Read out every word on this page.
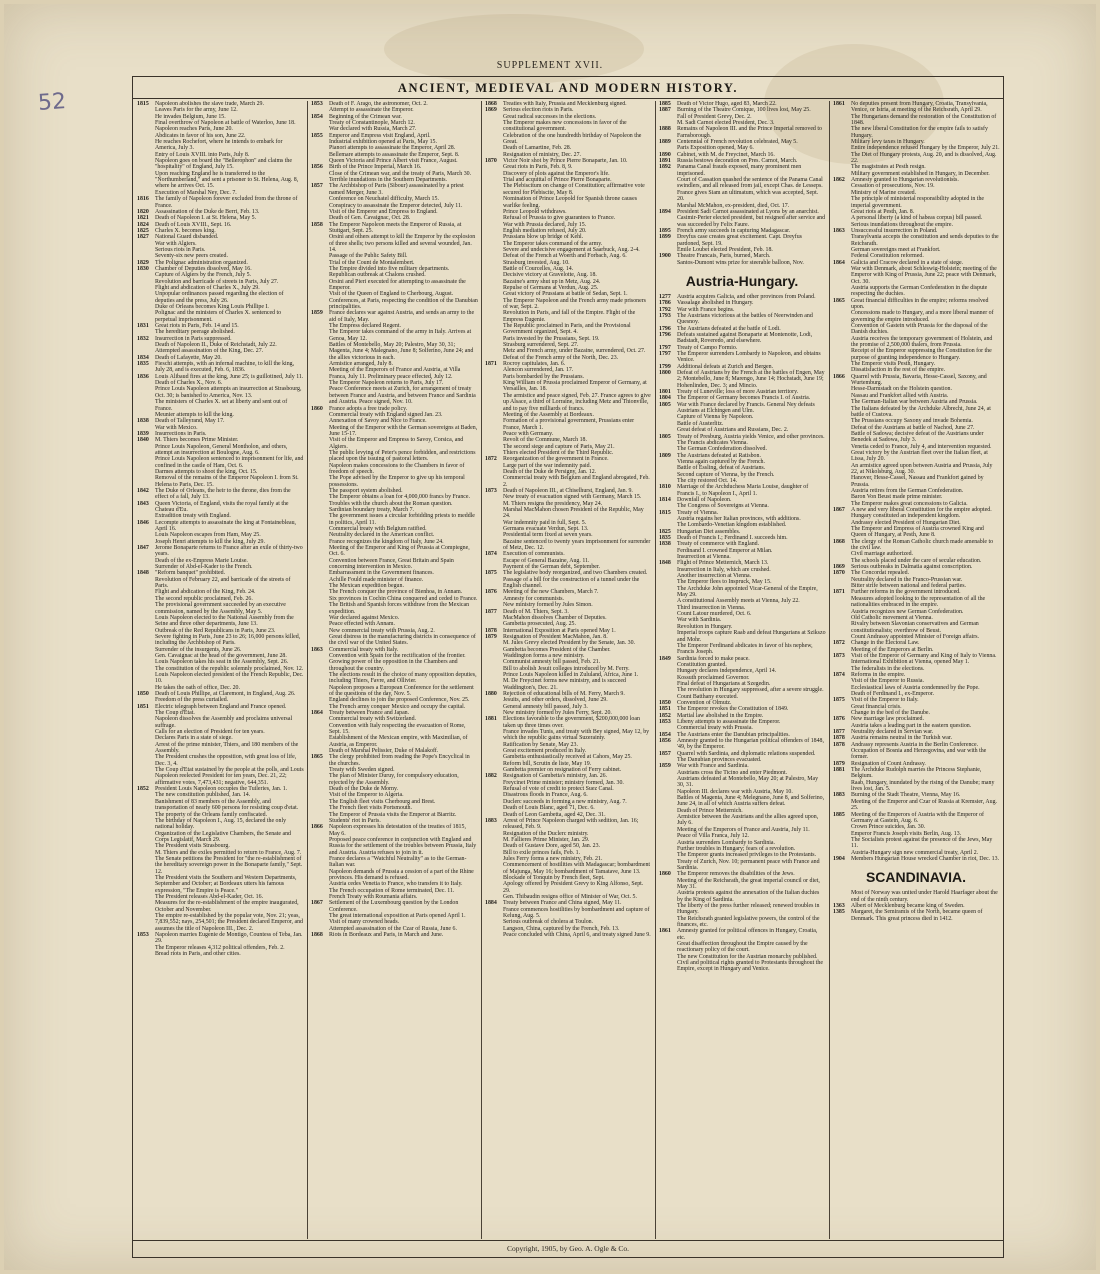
52
SUPPLEMENT XVII.
ANCIENT, MEDIEVAL AND MODERN HISTORY.

1815 Napoleon abolishes the slave trade, March 29.

Leaves Paris for the army, June 12.

He invades Belgium, June 15.

Final overthrow of Napoleon at battle of Waterloo, June 18.

Napoleon reaches Paris, June 20.

Abdicates in favor of his son, June 22.

He reaches Rochefort, where he intends to embark for America, July 3.

Entry of Louis XVIII. into Paris, July 8.

Napoleon goes on board the "Bellerophon" and claims the "hospitality" of England, July 15.

Upon reaching England he is transferred to the "Northumberland," and sent a prisoner to St. Helena, Aug. 8, where he arrives Oct. 15.

Execution of Marshal Ney, Dec. 7.

1816 The family of Napoleon forever excluded from the throne of France.

1820 Assassination of the Duke de Berri, Feb. 13.

1821 Death of Napoleon I. at St. Helena, May 5.

1824 Death of Louis XVIII., Sept. 16.

1825 Charles X. becomes king.

1827 National Guard disbanded.

War with Algiers.

Serious riots in Paris.

Seventy-six new peers created.

1829 The Polignac administration organized.

1830 Chamber of Deputies dissolved, May 16.

Capture of Algiers by the French, July 5.

Revolution and barricade of streets in Paris, July 27.

Flight and abdication of Charles X., July 29.

Unpopular ordinances passed regarding the election of deputies and the press, July 26.

Duke of Orleans becomes King Louis Phillipe I.

Polignac and the ministers of Charles X. sentenced to perpetual imprisonment.

1831 Great riots in Paris, Feb. 14 and 15.

The hereditary peerage abolished.

1832 Insurrection in Paris suppressed.

Death of Napoleon II., Duke of Reichstadt, July 22.

Attempted assassination of the King, Dec. 27.

1834 Death of Lafayette, May 20.

1835 Fieschi attempts, with an infernal machine, to kill the king, July 28, and is executed, Feb. 6, 1836.

1836 Louis Alibaud fires at the king, June 25; is guillotined, July 11.

Death of Charles X., Nov. 6.

Prince Louis Napoleon attempts an insurrection at Strasbourg, Oct. 30; is banished to America, Nov. 13.

The ministers of Charles X. set at liberty and sent out of France.

Meunier attempts to kill the king.

1838 Death of Talleyrand, May 17.

War with Mexico.

1839 Insurrections in Paris.

1840 M. Thiers becomes Prime Minister.

Prince Louis Napoleon, General Montholon, and others, attempt an insurrection at Boulogne, Aug. 6.

Prince Louis Napoleon sentenced to imprisonment for life, and confined in the castle of Ham, Oct. 6.

Darmes attempts to shoot the king, Oct. 15.

Removal of the remains of the Emperor Napoleon I. from St. Helena to Paris, Dec. 15.

1842 The Duke of Orleans, the heir to the throne, dies from the effect of a fall, July 13.

1843 Queen Victoria, of England, visits the royal family at the Chateau d'Eu.

Extradition treaty with England.

1846 Lecompte attempts to assassinate the king at Fontainebleau, April 16.

Louis Napoleon escapes from Ham, May 25.

Joseph Henri attempts to kill the king, July 29.

1847 Jerome Bonaparte returns to France after an exile of thirty-two years.

Death of the ex-Empress Marie Louise.

Surrender of Abd-el-Kader to the French.

1848 "Reform banquet" prohibited.

Revolution of February 22, and barricade of the streets of Paris.

Flight and abdication of the King, Feb. 24.

The second republic proclaimed, Feb. 26.

The provisional government succeeded by an executive commission, named by the Assembly, May 5.

Louis Napoleon elected to the National Assembly from the Seine and three other departments, June 13.

Outbreak of the Red Republicans in Paris, June 23.

Severe fighting in Paris, June 23 to 26; 16,000 persons killed, including the Archbishop of Paris.

Surrender of the insurgents, June 26.

Gen. Cavaignac at the head of the government, June 28.

Louis Napoleon takes his seat in the Assembly, Sept. 26.

The constitution of the republic solemnly proclaimed, Nov. 12.

Louis Napoleon elected president of the French Republic, Dec. 10.

He takes the oath of office, Dec. 20.

1850 Death of Louis Phillipe, at Claremont, in England, Aug. 26.

Freedom of the press curtailed.

1851 Electric telegraph between England and France opened.

The Coup d'Etat.

Napoleon dissolves the Assembly and proclaims universal suffrage.

Calls for an election of President for ten years.

Declares Paris in a state of siege.

Arrest of the prime minister, Thiers, and 180 members of the Assembly.

The President crushes the opposition, with great loss of life, Dec. 3, 4.

The Coup d'Etat sustained by the people at the polls, and Louis Napoleon reelected President for ten years, Dec. 21, 22; affirmative votes, 7,473,431; negative, 644,351.

1852 President Louis Napoleon occupies the Tuileries, Jan. 1.

The new constitution published, Jan. 14.

Banishment of 83 members of the Assembly, and transportation of nearly 600 persons for resisting coup d'etat.

The property of the Orleans family confiscated.

The birthday of Napoleon I., Aug. 15, declared the only national holiday.

Organization of the Legislative Chambers, the Senate and Corps Legislatif, March 29.

The President visits Strasbourg.

M. Thiers and the exiles permitted to return to France, Aug. 7.

The Senate petitions the President for "the re-establishment of the hereditary sovereign power in the Bonaparte family," Sept. 12.

The President visits the Southern and Western Departments, September and October; at Bordeaux utters his famous expression, "The Empire is Peace."

The President releases Abd-el-Kader, Oct. 16.

Measures for the re-establishment of the empire inaugurated, October and November.

The empire re-established by the popular vote, Nov. 21; yeas, 7,839,552; nays, 254,501; the President declared Emperor, and assumes the title of Napoleon III., Dec. 2.

1853 Napoleon marries Eugenie de Montigo, Countess of Teba, Jan. 29.

The Emperor releases 4,312 political offenders, Feb. 2.

Bread riots in Paris, and other cities.

1853 Death of F. Arago, the astronomer, Oct. 2.

Attempt to assassinate the Emperor.

1854 Beginning of the Crimean war.

Treaty of Constantinople, March 12.

War declared with Russia, March 27.

1855 Emperor and Empress visit England, April.

Industrial exhibition opened at Paris, May 15.

Pianori attempts to assassinate the Emperor, April 28.

Bellemare attempts to assassinate the Emperor, Sept. 8.

Queen Victoria and Prince Albert visit France, August.

1856 Birth of the Prince Imperial, March 16.

Close of the Crimean war, and the treaty of Paris, March 30.

Terrible inundations in the Southern Departments.

1857 The Archbishop of Paris (Sibour) assassinated by a priest named Merger, June 3.

Conference on Neuchatel difficulty, March 15.

Conspiracy to assassinate the Emperor detected, July 11.

Visit of the Emperor and Empress to England.

Death of Gen. Cavaignac, Oct. 28.

1858 The Emperor Napoleon meets the Emperor of Russia, at Stuttgart, Sept. 25.

Orsini and others attempt to kill the Emperor by the explosion of three shells; two persons killed and several wounded, Jan. 14.

Passage of the Public Safety Bill.

Trial of the Count de Montalembert.

The Empire divided into five military departments.

Republican outbreak at Chalons crushed.

Orsini and Pieri executed for attempting to assassinate the Emperor.

Visit of the Queen of England to Cherbourg, August.

Conferences, at Paris, respecting the condition of the Danubian principalities.

1859 France declares war against Austria, and sends an army to the aid of Italy, May.

The Empress declared Regent.

The Emperor takes command of the army in Italy. Arrives at Genoa, May 12.

Battles of Montebello, May 20; Palestro, May 30, 31; Magenta, June 4; Malegnano, June 8; Solferino, June 24; and the allies victorious in each.

Armistice arranged, July 8.

Meeting of the Emperors of France and Austria, at Villa Franca, July 11. Preliminary peace effected, July 12.

The Emperor Napoleon returns to Paris, July 17.

Peace Conference meets at Zurich, for arrangement of treaty between France and Austria, and between France and Sardinia and Austria. Peace signed, Nov. 10.

1860 France adopts a free trade policy.

Commercial treaty with England signed Jan. 23.

Annexation of Savoy and Nice to France.

Meeting of the Emperor with the German sovereigns at Baden, June 15-17.

Visit of the Emperor and Empress to Savoy, Corsica, and Algiers.

The public levying of Peter's pence forbidden, and restrictions placed upon the issuing of pastoral letters.

Napoleon makes concessions to the Chambers in favor of freedom of speech.

The Pope advised by the Emperor to give up his temporal possessions.

The passport system abolished.

The Emperor obtains a loan for 4,000,000 francs by France.

Troubles with the church about the Roman question.

Sardinian boundary treaty, March 7.

The government issues a circular forbidding priests to meddle in politics, April 11.

Commercial treaty with Belgium ratified.

Neutrality declared in the American conflict.

France recognizes the kingdom of Italy, June 24.

Meeting of the Emperor and King of Prussia at Compiegne, Oct. 6.

Convention between France, Great Britain and Spain concerning intervention in Mexico.

Embarrassment in the Government finances.

Achille Fould made minister of finance.

The Mexican expedition begun.

The French conquer the province of Bienhoa, in Annam.

Six provinces in Cochin China conquered and ceded to France.

The British and Spanish forces withdraw from the Mexican expedition.

War declared against Mexico.

Peace effected with Annam.

New commercial treaty with Prussia, Aug. 2.

Great distress in the manufacturing districts in consequence of the civil war of the United States.

1863 Commercial treaty with Italy.

Convention with Spain for the rectification of the frontier.

Growing power of the opposition in the Chambers and throughout the country.

The elections result in the choice of many opposition deputies, including Thiers, Favre, and Ollivier.

Napoleon proposes a European Conference for the settlement of the questions of the day, Nov. 5.

England declines to join the proposed Conference, Nov. 25. The French army conquer Mexico and occupy the capital.

1864 Treaty between France and Japan.

Commercial treaty with Switzerland.

Convention with Italy respecting the evacuation of Rome, Sept. 15.

Establishment of the Mexican empire, with Maximilian, of Austria, as Emperor.

Death of Marshal Pelissier, Duke of Malakoff.

1865 The clergy prohibited from reading the Pope's Encyclical in the churches.

Treaty with Sweden signed.

The plan of Minister Duruy, for compulsory education, rejected by the Assembly.

Death of the Duke de Morny.

Visit of the Emperor to Algeria.

The English fleet visits Cherbourg and Brest.

The French fleet visits Portsmouth.

The Emperor of Prussia visits the Emperor at Biarritz.

Students' riot in Paris.

1866 Napoleon expresses his detestation of the treaties of 1815, May 6.

Proposed peace conference in conjunction with England and Russia for the settlement of the troubles between Prussia, Italy and Austria. Austria refuses to join in it.

France declares a "Watchful Neutrality" as to the German-Italian war.

Napoleon demands of Prussia a cession of a part of the Rhine provinces. His demand is refused.

Austria cedes Venetia to France, who transfers it to Italy.

The French occupation of Rome terminated, Dec. 11.

French Treaty with Roumania affairs.

1867 Settlement of the Luxembourg question by the London Conference.

The great international exposition at Paris opened April 1. Visit of many crowned heads.

Attempted assassination of the Czar of Russia, June 6.

1868 Riots in Bordeaux and Paris, in March and June.

1868 Treaties with Italy, Prussia and Mecklenburg signed.

1869 Serious election riots in Paris.

Great radical successes in the elections.

The Emperor makes new concessions in favor of the constitutional government.

Celebration of the one hundredth birthday of Napoleon the Great.

Death of Lamartine, Feb. 28.

Resignation of ministry, Dec. 27.

1870 Victor Noir shot by Prince Pierre Bonaparte, Jan. 10.

Great riots in Paris, Feb. 8, 9.

Discovery of plots against the Emperor's life.

Trial and acquittal of Prince Pierre Bonaparte.

The Plebiscitum on change of Constitution; affirmative vote secured for Plebiscite, May 8.

Nomination of Prince Leopold for Spanish throne causes warlike feeling.

Prince Leopold withdraws.

Refusal of Prussia to give guarantees to France.

War with Prussia declared, July 15.

English mediation refused, July 20.

Prussians blow up bridge of Kehl.

The Emperor takes command of the army.

Severe and undecisive engagement at Saarbuck, Aug. 2-4.

Defeat of the French at Woerth and Forbach, Aug. 6.

Strasburg invested, Aug. 10.

Battle of Courcelles, Aug. 14.

Decisive victory at Gravelotte, Aug. 18.

Bazaine's army shut up in Metz, Aug. 24.

Repulse of Germans at Verdun, Aug. 25.

Great victory of Prussians at battle of Sedan, Sept. 1.

The Emperor Napoleon and the French army made prisoners of war, Sept. 2.

Revolution in Paris, and fall of the Empire. Flight of the Empress Eugenie.

The Republic proclaimed in Paris, and the Provisional Government organized, Sept. 4.

Paris invested by the Prussians, Sept. 19.

Strasburg surrendered, Sept. 27.

Metz and French army, under Bazaine, surrendered, Oct. 27.

Defeat of the French army of the North, Dec. 23.

1871 Rocroy capitulates, Jan. 6.

Alencon surrendered, Jan. 17.

Paris bombarded by the Prussians.

King William of Prussia proclaimed Emperor of Germany, at Versailles, Jan. 18.

The armistice and peace signed, Feb. 27. France agrees to give up Alsace, a third of Lorraine, including Metz and Thionville, and to pay five milliards of francs.

Meeting of the Assembly at Bordeaux.

Formation of a provisional government, Prussians enter France, March 1.

Peace with Germany.

Revolt of the Commune, March 18.

The second siege and capture of Paris, May 21.

Thiers elected President of the Third Republic.

1872 Reorganization of the government in France.

Large part of the war indemnity paid.

Death of the Duke de Persigny, Jan. 12.

Commercial treaty with Belgium and England abrogated, Feb. 2.

1873 Death of Napoleon III., at Chiselhurst, England, Jan. 9.

New treaty of evacuation signed with Germany, March 15.

M. Thiers resigns the presidency, May 24.

Marshal MacMahon chosen President of the Republic, May 24.

War indemnity paid in full, Sept. 5.

Germans evacuate Verdun, Sept. 13.

Presidential term fixed at seven years.

Bazaine sentenced to twenty years imprisonment for surrender of Metz, Dec. 12.

1874 Execution of communists.

Escape of General Bazaine, Aug. 11.

Payment of the German debt, September.

1875 The legislative body reorganized, and two Chambers created.

Passage of a bill for the construction of a tunnel under the English channel.

1876 Meeting of the new Chambers, March 7.

Amnesty for communists.

New ministry formed by Jules Simon.

1877 Death of M. Thiers, Sept. 3.

MacMahon dissolves Chamber of Deputies.

Gambetta prosecuted, Aug. 25.

1878 International Exposition at Paris opened May 1.

1879 Resignation of President MacMahon, Jan. 8.

M. Jules Grevy elected President by the Senate, Jan. 30.

Gambetta becomes President of the Chamber.

Waddington forms a new ministry.

Communist amnesty bill passed, Feb. 21.

Bill to abolish Jesuit colleges introduced by M. Ferry.

Prince Louis Napoleon killed in Zululand, Africa, June 1.

M. De Freycinet forms new ministry, and is succeed Waddington's, Dec. 21.

1880 Rejection of educational bills of M. Ferry, March 9.

Jesuits, and other orders, dissolved, June 29.

General amnesty bill passed, July 3.

New ministry formed by Jules Ferry, Sept. 20.

1881 Elections favorable to the government, $200,000,000 loan taken up three times over.

France invades Tunis, and treaty with Bey signed, May 12, by which the republic gains virtual Suzerainty.

Ratification by Senate, May 23.

Great excitement produced in Italy.

Gambetta enthusiastically received at Cahors, May 25.

Reform bill, Scrutin de liste, May 19.

Gambetta premier on resignation of Ferry cabinet.

1882 Resignation of Gambetta's ministry, Jan. 26.

Freycinet Prime minister; ministry formed, Jan. 30.

Refusal of vote of credit to protect Suez Canal.

Disastrous floods in France, Aug. 6.

Duclerc succeeds in forming a new ministry, Aug. 7.

Death of Louis Blanc, aged 71, Dec. 6.

Death of Leon Gambetta, aged 42, Dec. 31.

1883 Arrest of Prince Napoleon charged with sedition, Jan. 16; released, Feb. 9.

Resignation of the Duclerc ministry.

M. Fallieres Prime Minister, Jan. 29.

Death of Gustave Dore, aged 50, Jan. 23.

Bill to exile princes fails, Feb. 1.

Jules Ferry forms a new ministry, Feb. 21.

Commencement of hostilities with Madagascar; bombardment of Majunga, May 16; bombardment of Tamatave, June 13.

Blockade of Tonquin by French fleet, Sept.

Apology offered by President Grevy to King Alfonso, Sept. 29.

Gen. Thibaudin resigns office of Minister of War, Oct. 5.

1884 Treaty between France and China signed, May 11.

France commences hostilities by bombardment and capture of Kelung, Aug. 5.

Serious outbreak of cholera at Toulon.

Langson, China, captured by the French, Feb. 13.

Peace concluded with China, April 6, and treaty signed June 9.

1885 Death of Victor Hugo, aged 83, March 22.

1887 Burning of the Theatre Comique, 100 lives lost, May 25.

Fall of President Grevy, Dec. 2.

M. Sadi Carnot elected President, Dec. 3.

1888 Remains of Napoleon III. and the Prince Imperial removed to Farnsborough.

1889 Centennial of French revolution celebrated, May 5.

Paris Exposition opened, May 6.

1890 Cabinet, with M. de Freycinet, March 16.

1891 Russia bestows decoration on Pres. Carnot, March.

1892 Panama Canal frauds exposed, many prominent men imprisoned.

Court of Cassation quashed the sentence of the Panama Canal swindlers, and all released from jail, except Chas. de Lesseps.

France gives Siam an ultimatum, which was accepted, Sept. 20.

Marshal McMahon, ex-president, died, Oct. 17.

1894 President Sadi Carnot assassinated at Lyons by an anarchist.

Casimir-Perier elected president, but resigned after service and was succeeded by Felix Faure.

1895 French army succeeds in capturing Madagascar.

1899 Dreyfus case creates great excitement. Capt. Dreyfus pardoned, Sept. 19.

Emile Loubet elected President, Feb. 18.

1900 Theatre Francais, Paris, burned, March.

Santos-Dumont wins prize for steerable balloon, Nov.

Austria-Hungary.

1277 Austria acquires Galicia, and other provinces from Poland.

1786 Vassalage abolished in Hungary.

1792 War with France begins.

1793 The Austrians victorious at the battles of Neerwinden and Quesnoy.

1796 The Austrians defeated at the battle of Lodi.

1796 Defeats sustained against Bonaparte at Montenotte, Lodi, Badstadt, Roveredo, and elsewhere.

1797 Treaty of Campo Formio.

1797 The Emperor surrenders Lombardy to Napoleon, and obtains Venice.

1799 Additional defeats at Zurich and Bergen.

1800 Defeat of Austrians by the French at the battles of Engen, May 2; Montebello, June 8; Marengo, June 14; Hochstadt, June 19; Hohenlinden, Dec. 3; and Mincio.

1801 Treaty of Luneville; loss of more Austrian territory.

1804 The Emperor of Germany becomes Francis I. of Austria.

1805 War with France declared by Francis. General Ney defeats Austrians at Elchingen and Ulm.

Capture of Vienna by Napoleon.

Battle of Austerlitz.

Great defeat of Austrians and Russians, Dec. 2.

1805 Treaty of Presburg, Austria yields Venice, and other provinces.

The Francis abdicates Vienna.

The German Confederation dissolved.

1809 The Austrians defeated at Ratisbon.

Vienna again captured by the French.

Battle of Essling, defeat of Austrians.

Second capture of Vienna, by the French.

The city restored Oct. 14.

1810 Marriage of the Archduchess Maria Louise, daughter of Francis I., to Napoleon I., April 1.

1814 Downfall of Napoleon.

The Congress of Sovereigns at Vienna.

1815 Treaty of Vienna.

Austria regains her Italian provinces, with additions.

The Lombardo-Venetian kingdom established.

1825 Hungarian Diet assembles.

1835 Death of Francis I.; Ferdinand I. succeeds him.

1838 Treaty of commerce with England.

Ferdinand I. crowned Emperor at Milan.

Insurrection at Vienna.

1848 Flight of Prince Metternich, March 13.

Insurrection in Italy, which are crushed.

Another insurrection at Vienna.

The Emperor flees to Inspruck, May 15.

The Archduke John appointed Vicar-General of the Empire, May 29.

A constitutional Assembly meets at Vienna, July 22.

Third insurrection in Vienna.

Count Latour murdered, Oct. 6.

War with Sardinia.

Revolution in Hungary.

Imperial troops capture Raab and defeat Hungarians at Szikszo and Mohr.

The Emperor Ferdinand abdicates in favor of his nephew, Francis Joseph.

1849 Sardinia forced to make peace.

Constitution granted.

Hungary declares independence, April 14.

Kossuth proclaimed Governor.

Final defeat of Hungarians at Szegedin.

The revolution in Hungary suppressed, after a severe struggle.

Count Batthany executed.

1850 Convention of Olmutz.

1851 The Emperor revokes the Constitution of 1849.

1852 Martial law abolished in the Empire.

1853 Libeny attempts to assassinate the Emperor.

Commercial treaty with Prussia.

1854 The Austrians enter the Danubian principalities.

1856 Amnesty granted to the Hungarian political offenders of 1848, '49, by the Emperor.

1857 Quarrel with Sardinia, and diplomatic relations suspended.

The Danubian provinces evacuated.

1859 War with France and Sardinia.

Austrians cross the Ticino and enter Piedmont.

Austrians defeated at Montebello, May 20; at Palestro, May 30, 31.

Napoleon III. declares war with Austria, May 10.

Battles of Magenta, June 4; Melegnano, June 8, and Solferino, June 24, in all of which Austria suffers defeat.

Death of Prince Metternich.

Armistice between the Austrians and the allies agreed upon, July 6.

Meeting of the Emperors of France and Austria, July 11.

Peace of Villa Franca, July 12.

Austria surrenders Lombardy to Sardinia.

Further troubles in Hungary; fears of a revolution.

The Emperor grants increased privileges to the Protestants.

Treaty of Zurich, Nov. 10; permanent peace with France and Sardinia.

1860 The Emperor removes the disabilities of the Jews.

Meeting of the Reichsrath, the great imperial council or diet, May 31.

Austria protests against the annexation of the Italian duchies by the King of Sardinia.

The liberty of the press further released; renewed troubles in Hungary.

The Reichsrath granted legislative powers, the control of the finances, etc.

1861 Amnesty granted for political offences in Hungary, Croatia, etc.

Great disaffection throughout the Empire caused by the reactionary policy of the court.

The new Constitution for the Austrian monarchy published.

Civil and political rights granted to Protestants throughout the Empire, except in Hungary and Venice.

1861 No deputies present from Hungary, Croatia, Transylvania, Venice, or Istria, at meeting of the Reichsrath, April 29.

The Hungarians demand the restoration of the Constitution of 1848.

The new liberal Constitution for the empire fails to satisfy Hungary.

Military levy taxes in Hungary.

Entire independence refused Hungary by the Emperor, July 21.

The Diet of Hungary protests, Aug. 20, and is dissolved, Aug. 22.

The magistrates at Pesth resign.

Military government established in Hungary, in December.

1862 Amnesty granted to Hungarian revolutionists.

Cessation of prosecutions, Nov. 19.

Ministry of Marine created.

The principle of ministerial responsibility adopted in the imperial government.

Great riots at Pesth, Jan. 8.

A personal liberty (a kind of habeas corpus) bill passed.

Serious inundations throughout the empire.

1863 Unsuccessful insurrection in Poland.

Transylvania accepts the constitution and sends deputies to the Reichsrath.

German sovereigns meet at Frankfort.

Federal Constitution reformed.

1864 Galicia and Cracow declared in a state of siege.

War with Denmark, about Schleswig-Holstein; meeting of the Emperor with King of Prussia, June 22; peace with Denmark, Oct. 30.

Austria supports the German Confederation in the dispute respecting the duchies.

1865 Great financial difficulties in the empire; reforms resolved upon.

Concessions made to Hungary, and a more liberal manner of governing the empire introduced.

Convention of Gastein with Prussia for the disposal of the Danish duchies.

Austria receives the temporary government of Holstein, and the promise of 2,500,000 thalers, from Prussia.

Receipt of the Emperor suppressing the Constitution for the purpose of granting independence to Hungary.

The Emperor visits Pesth, Hungary.

Dissatisfaction in the rest of the empire.

1866 Quarrel with Prussia, Bavaria, Hesse-Cassel, Saxony, and Wurtemburg.

Hesse-Darmstadt on the Holstein question.

Nassau and Frankfort allied with Austria.

The German-Italian war between Austria and Prussia.

The Italians defeated by the Archduke Albrecht, June 24, at battle of Custova.

The Prussians occupy Saxony and invade Bohemia.

Defeat of the Austrians at battle of Nachod, June 27.

Battle of Sadowa; decisive defeat of the Austrians under Benedek at Sadowa, July 3.

Venetia ceded to France, July 4, and intervention requested.

Great victory by the Austrian fleet over the Italian fleet, at Lissa, July 20.

An armistice agreed upon between Austria and Prussia, July 22, at Nikolsburg, Aug. 30.

Hanover, Hesse-Cassel, Nassau and Frankfort gained by Prussia.

Austria retires from the German Confederation.

Baron Von Beust made prime minister.

The Emperor makes great concessions to Galicia.

1867 A new and very liberal Constitution for the empire adopted.

Hungary constituted an independent kingdom.

Andrassy elected President of Hungarian Diet.

The Emperor and Empress of Austria crowned King and Queen of Hungary, at Pesth, June 8.

1868 The clergy of the Roman Catholic church made amenable to the civil law.

Civil marriage authorized.

The schools placed under the care of secular education.

1869 Serious outbreaks in Dalmatia against conscription.

1870 The Concordat repealed.

Neutrality declared in the Franco-Prussian war.

Bitter strife between national and federal parties.

1871 Further reforms in the government introduced.

Measures adopted looking to the representation of all the nationalities embraced in the empire.

Austria recognizes new German Confederation.

Old Catholic movement at Vienna.

Rivalry between Slavonian conservatives and German constitutionalists; overthrow of Beust.

Count Andrassy appointed Minister of Foreign affairs.

1872 Change in the Electoral Law.

Meeting of the Emperors at Berlin.

1873 Visit of the Emperor of Germany and King of Italy to Vienna.

International Exhibition at Vienna, opened May 1.

The federalists in the elections.

1874 Reforms in the empire.

Visit of the Emperor to Russia.

Ecclesiastical laws of Austria condemned by the Pope.

Death of Ferdinand I., ex-Emperor.

1875 Visit of the Emperor to Italy.

Great financial crisis.

Change in the bed of the Danube.

1876 New marriage law proclaimed.

Austria takes a leading part in the eastern question.

1877 Neutrality declared in Servian war.

1878 Austria remains neutral in the Turkish war.

1878 Andrassy represents Austria in the Berlin Conference.

Occupation of Bosnia and Herzegovina, and war with the former.

1879 Resignation of Count Andrassy.

1881 The Archduke Rudolph marries the Princess Stephanie, Belgium.

Raab, Hungary, inundated by the rising of the Danube; many lives lost, Jan. 5.

1883 Burning of the Stadt Theatre, Vienna, May 16.

Meeting of the Emperor and Czar of Russia at Kremsier, Aug. 25.

1885 Meeting of the Emperors of Austria with the Emperor of Germany at Gastein, Aug. 6.

Crown Prince suicides, Jan. 30.

Emperor Francis Joseph visits Berlin, Aug. 13.

The Socialists protest against the presence of the Jews, May 11.

Austria-Hungary sign new commercial treaty, April 2.

1904 Members Hungarian House wrecked Chamber in riot, Dec. 13.

SCANDINAVIA.

Most of Norway was united under Harold Haarfager about the end of the ninth century.

1363 Albert of Mecklenburg became king of Sweden.

1385 Margaret, the Semiramis of the North, became queen of Denmark. This great princess died in 1412.

Copyright, 1905, by Geo. A. Ogle & Co.
